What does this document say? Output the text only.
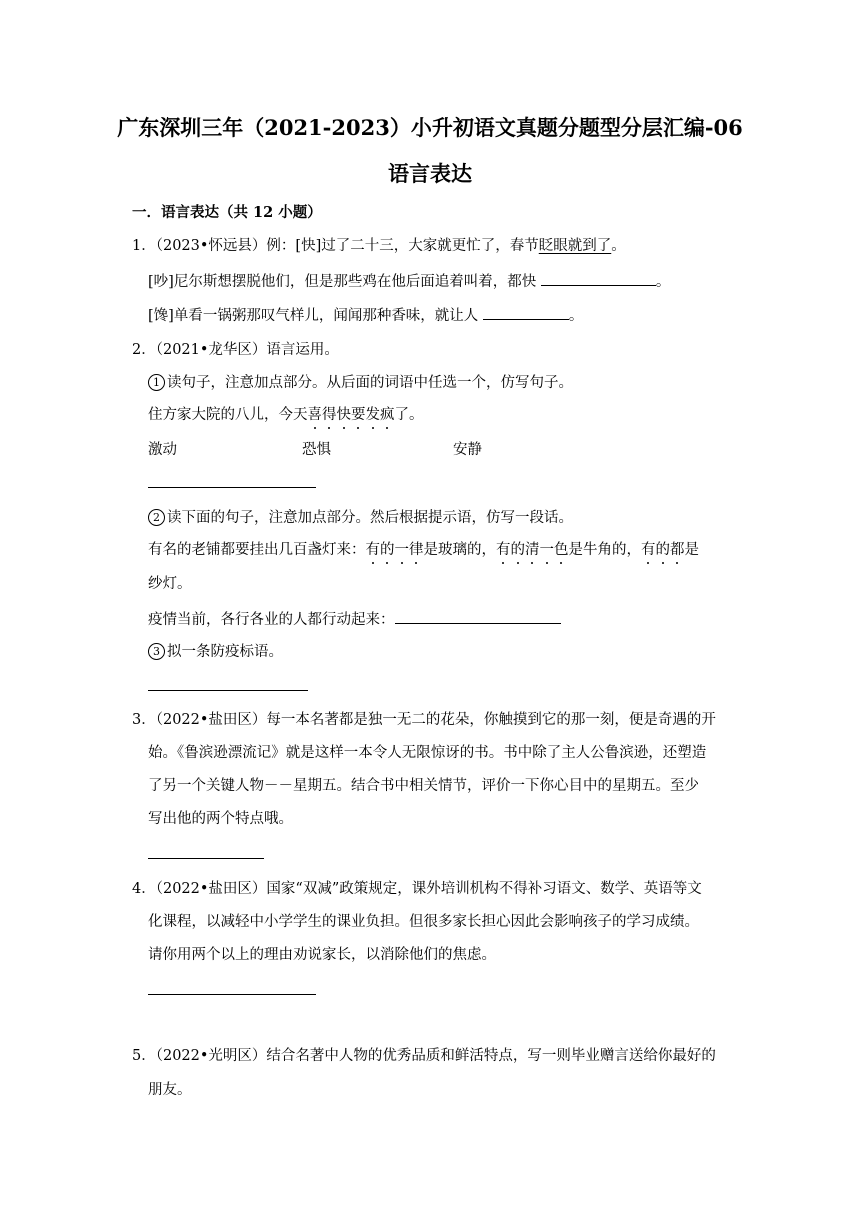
广东深圳三年（2021-2023）小升初语文真题分题型分层汇编-06
语言表达
一．语言表达（共 12 小题）
1．（2023•怀远县）例：[快]过了二十三，大家就更忙了，春节眨眼就到了。
[吵]尼尔斯想摆脱他们，但是那些鸡在他后面追着叫着，都快	。
[馋]单看一锅粥那叹气样儿，闻闻那种香味，就让人	。
2．（2021•龙华区）语言运用。
1 读句子，注意加点部分。从后面的词语中任选一个，仿写句子。
住方家大院的八儿，今天喜得快要发疯了。
激动	恐惧	安静
2 读下面的句子，注意加点部分。然后根据提示语，仿写一段话。
有名的老铺都要挂出几百盏灯来：有的一律是玻璃的，有的清一色是牛角的，有的都是
纱灯。
疫情当前，各行各业的人都行动起来：
3 拟一条防疫标语。
3．（2022•盐田区）每一本名著都是独一无二的花朵，你触摸到它的那一刻，便是奇遇的开
始。《鲁滨逊漂流记》就是这样一本令人无限惊讶的书。书中除了主人公鲁滨逊，还塑造
了另一个关键人物－－星期五。结合书中相关情节，评价一下你心目中的星期五。至少
写出他的两个特点哦。
4．（2022•盐田区）国家“双减”政策规定，课外培训机构不得补习语文、数学、英语等文
化课程，以减轻中小学学生的课业负担。但很多家长担心因此会影响孩子的学习成绩。
请你用两个以上的理由劝说家长，以消除他们的焦虑。
5．（2022•光明区）结合名著中人物的优秀品质和鲜活特点，写一则毕业赠言送给你最好的
朋友。
